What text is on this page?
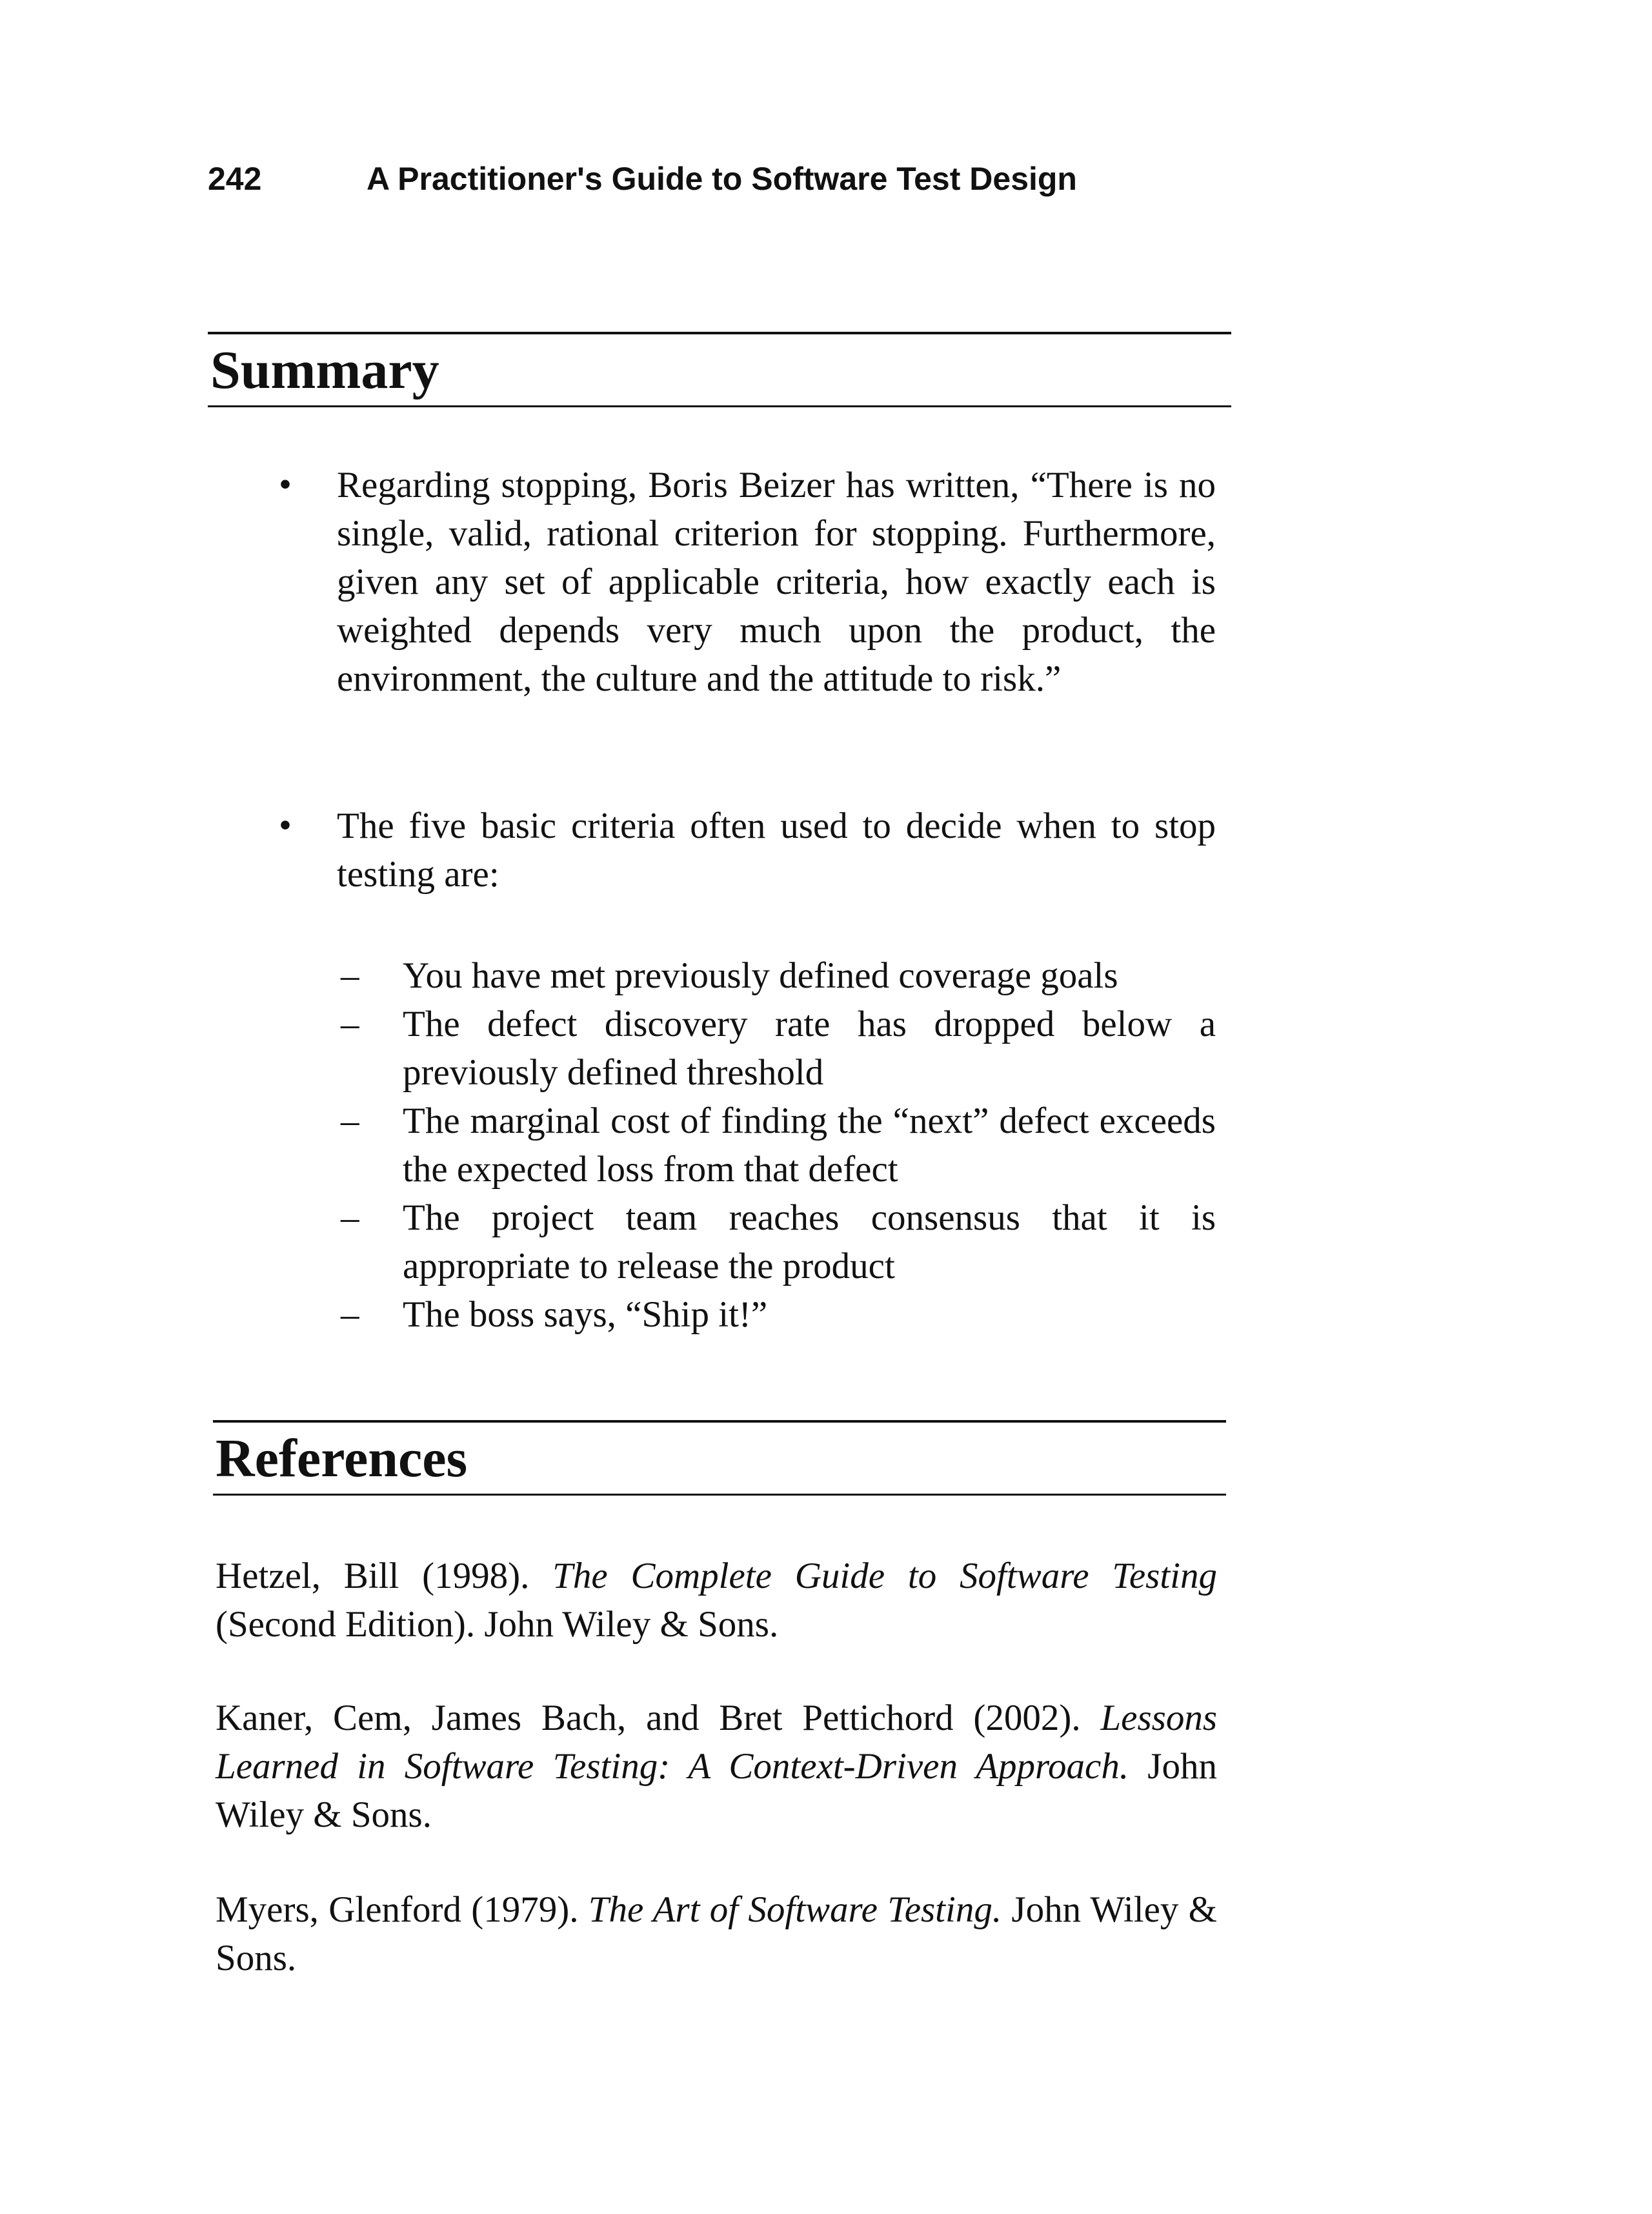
242	A Practitioner's Guide to Software Test Design
Summary
• Regarding stopping, Boris Beizer has written, “There is no single, valid, rational criterion for stopping. Furthermore, given any set of applicable criteria, how exactly each is weighted depends very much upon the product, the environment, the culture and the attitude to risk.”
• The five basic criteria often used to decide when to stop testing are:
– You have met previously defined coverage goals
– The defect discovery rate has dropped below a previously defined threshold
– The marginal cost of finding the “next” defect exceeds the expected loss from that defect
– The project team reaches consensus that it is appropriate to release the product
– The boss says, “Ship it!”
References
Hetzel, Bill (1998). The Complete Guide to Software Testing (Second Edition). John Wiley & Sons.
Kaner, Cem, James Bach, and Bret Pettichord (2002). Lessons Learned in Software Testing: A Context-Driven Approach. John Wiley & Sons.
Myers, Glenford (1979). The Art of Software Testing. John Wiley & Sons.
